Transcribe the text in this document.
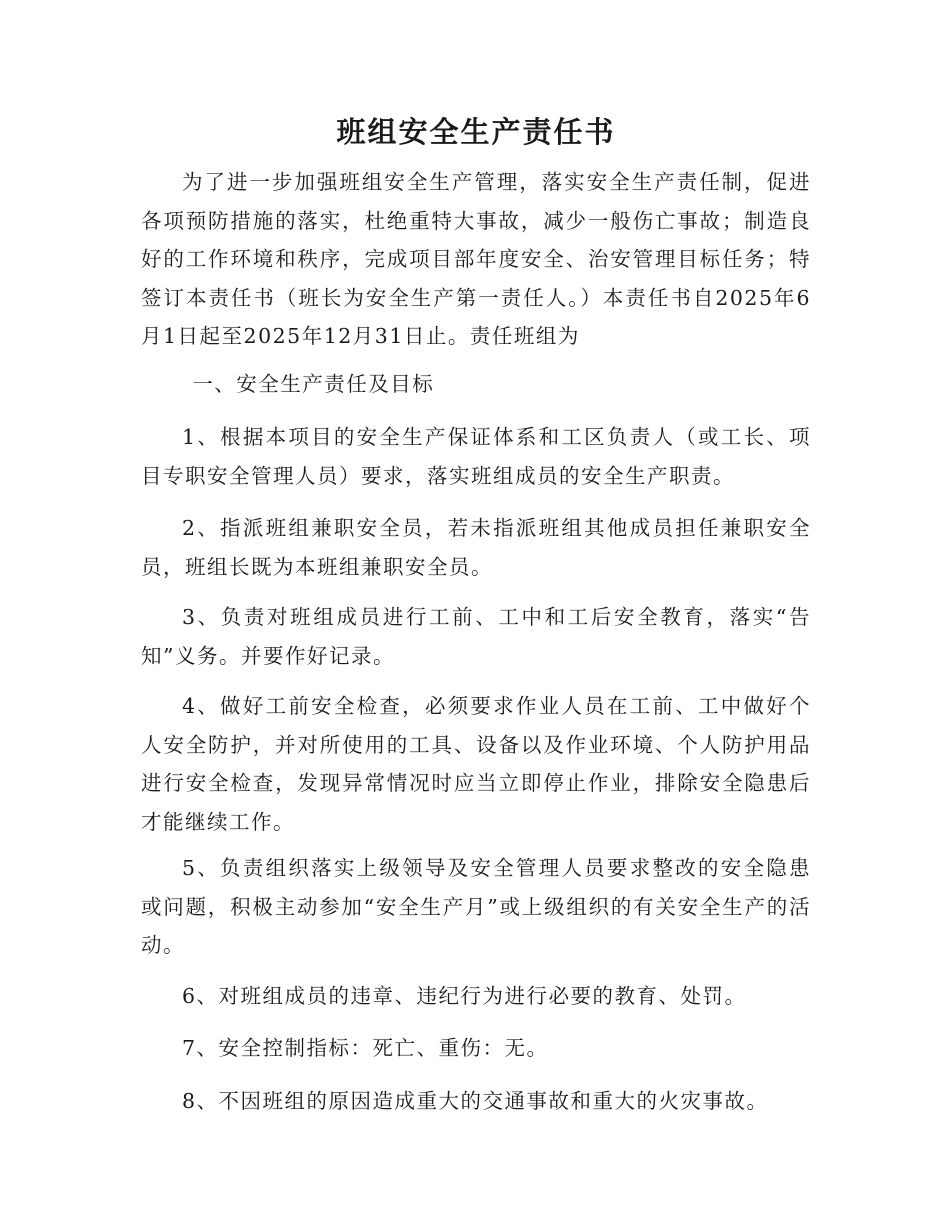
班组安全生产责任书

为了进一步加强班组安全生产管理，落实安全生产责任制，促进各项预防措施的落实，杜绝重特大事故，减少一般伤亡事故；制造良好的工作环境和秩序，完成项目部年度安全、治安管理目标任务；特签订本责任书（班长为安全生产第一责任人。）本责任书自2025年6月1日起至2025年12月31日止。责任班组为

一、安全生产责任及目标

1、根据本项目的安全生产保证体系和工区负责人（或工长、项目专职安全管理人员）要求，落实班组成员的安全生产职责。

2、指派班组兼职安全员，若未指派班组其他成员担任兼职安全员，班组长既为本班组兼职安全员。

3、负责对班组成员进行工前、工中和工后安全教育，落实“告知”义务。并要作好记录。

4、做好工前安全检查，必须要求作业人员在工前、工中做好个人安全防护，并对所使用的工具、设备以及作业环境、个人防护用品进行安全检查，发现异常情况时应当立即停止作业，排除安全隐患后才能继续工作。

5、负责组织落实上级领导及安全管理人员要求整改的安全隐患或问题，积极主动参加“安全生产月”或上级组织的有关安全生产的活动。

6、对班组成员的违章、违纪行为进行必要的教育、处罚。

7、安全控制指标：死亡、重伤：无。

8、不因班组的原因造成重大的交通事故和重大的火灾事故。
